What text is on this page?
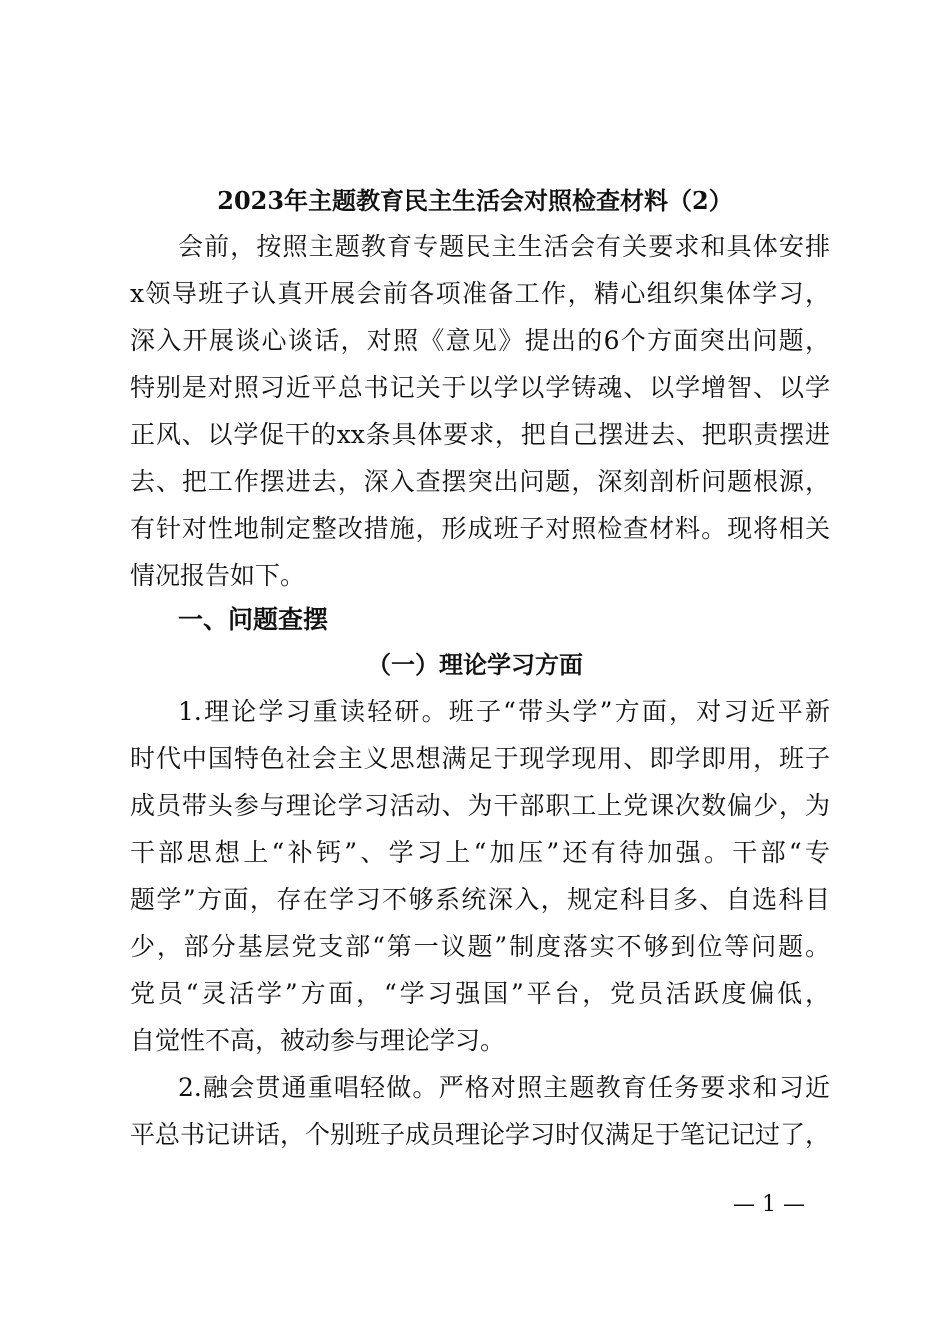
2023年主题教育民主生活会对照检查材料（2）
会前，按照主题教育专题民主生活会有关要求和具体安排
x领导班子认真开展会前各项准备工作，精心组织集体学习，
深入开展谈心谈话，对照《意见》提出的6个方面突出问题，
特别是对照习近平总书记关于以学以学铸魂、以学增智、以学
正风、以学促干的xx条具体要求，把自己摆进去、把职责摆进
去、把工作摆进去，深入查摆突出问题，深刻剖析问题根源，
有针对性地制定整改措施，形成班子对照检查材料。现将相关
情况报告如下。
一、问题查摆
（一）理论学习方面
1.理论学习重读轻研。班子“带头学”方面，对习近平新
时代中国特色社会主义思想满足于现学现用、即学即用，班子
成员带头参与理论学习活动、为干部职工上党课次数偏少，为
干部思想上“补钙”、学习上“加压”还有待加强。干部“专
题学”方面，存在学习不够系统深入，规定科目多、自选科目
少，部分基层党支部“第一议题”制度落实不够到位等问题。
党员“灵活学”方面，“学习强国”平台，党员活跃度偏低，
自觉性不高，被动参与理论学习。
2.融会贯通重唱轻做。严格对照主题教育任务要求和习近
平总书记讲话，个别班子成员理论学习时仅满足于笔记记过了，
— 1 —
